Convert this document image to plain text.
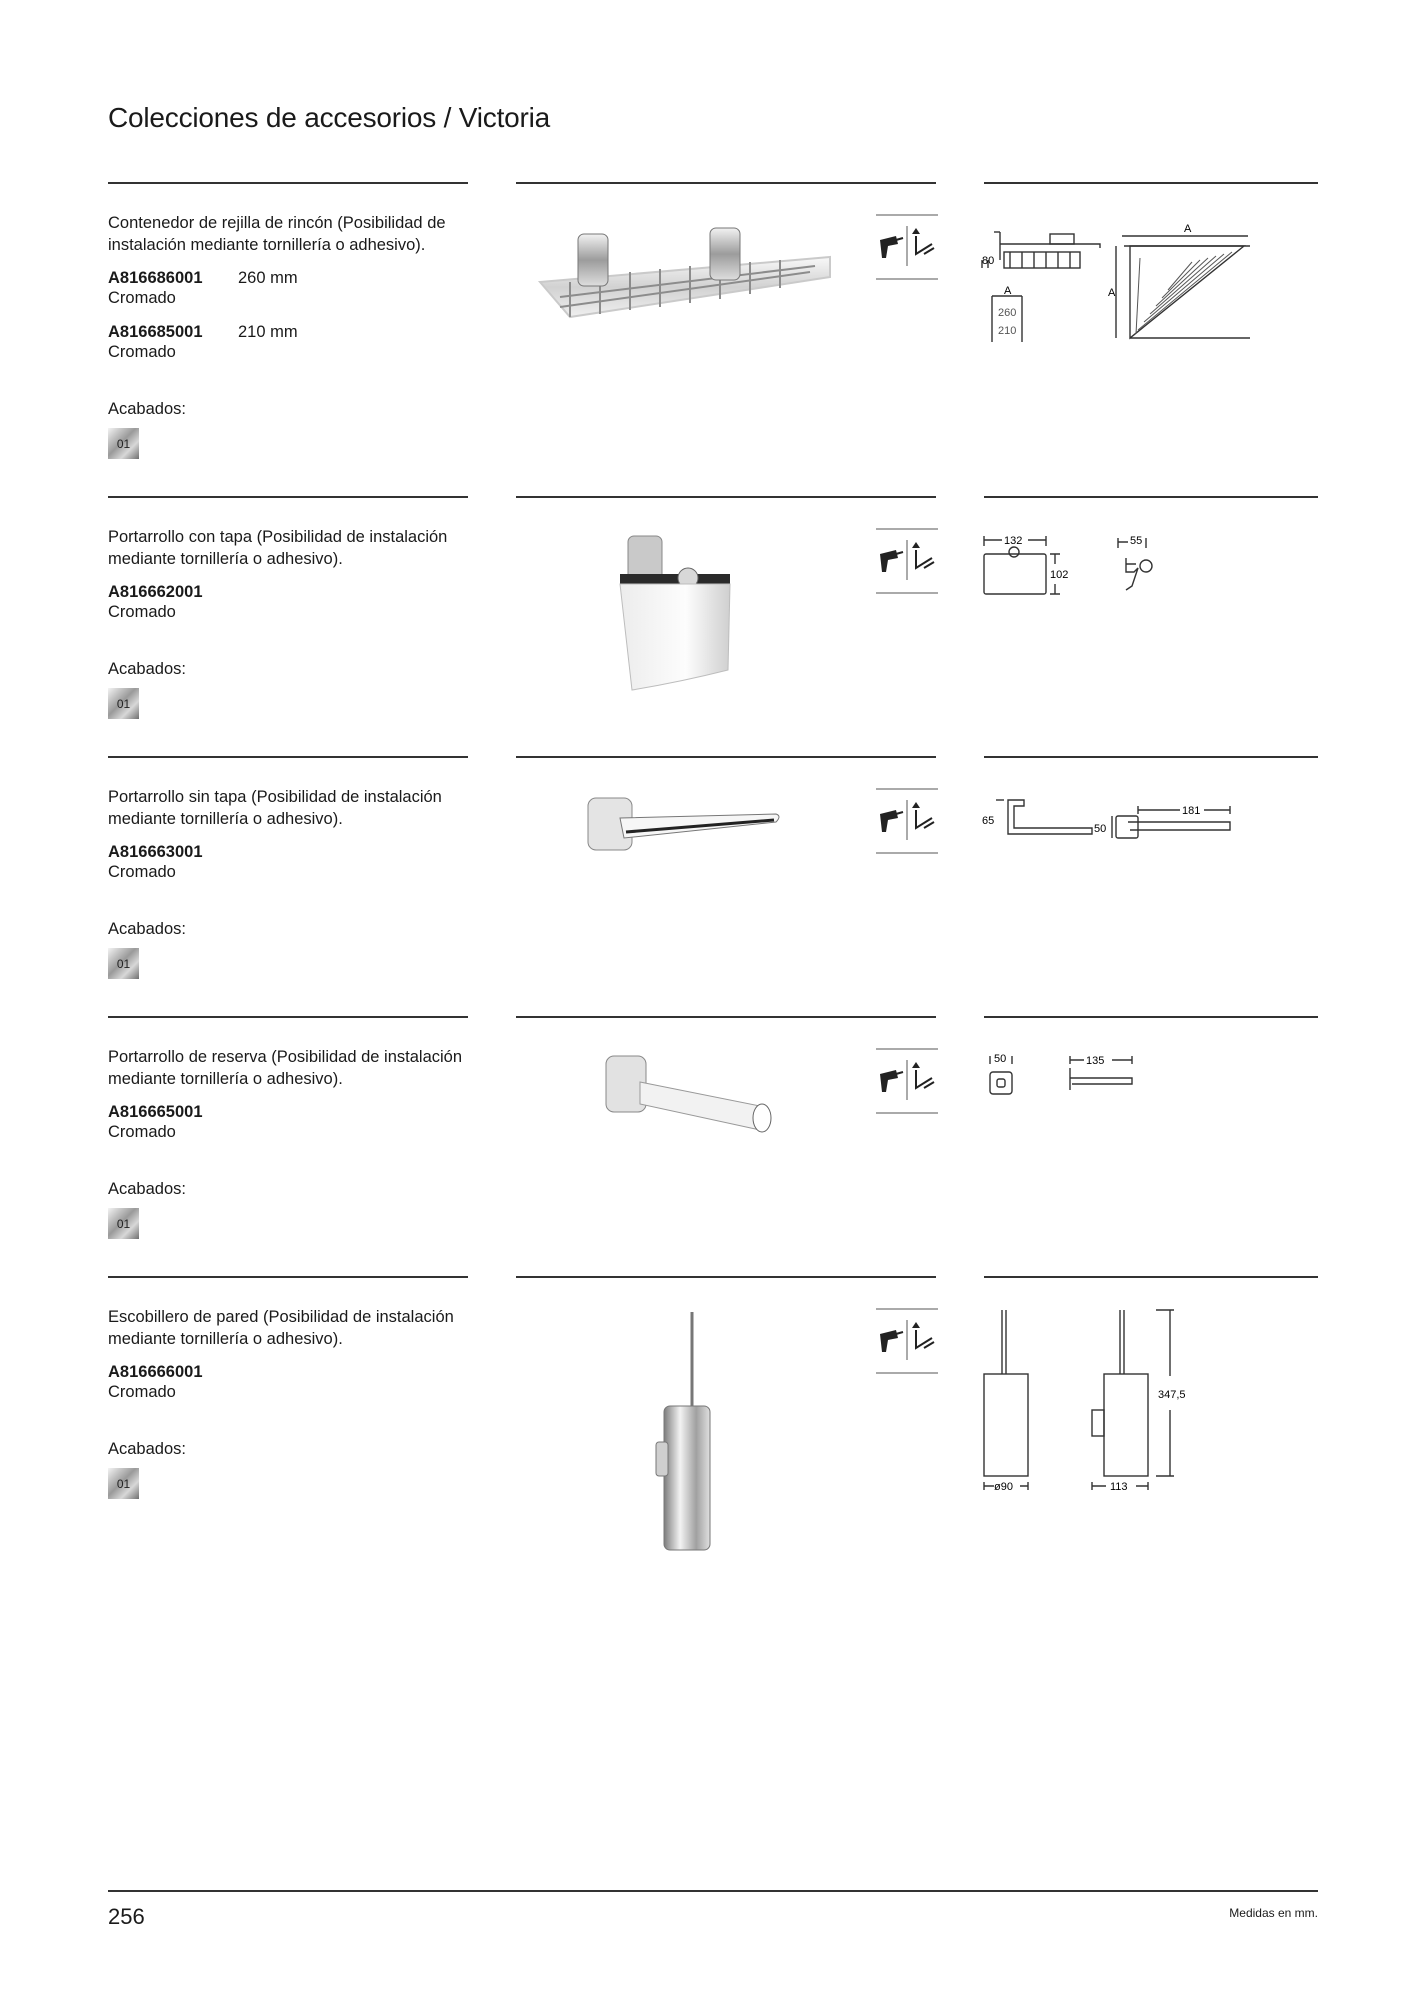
Colecciones de accesorios / Victoria
Contenedor de rejilla de rincón (Posibilidad de instalación mediante tornillería o adhesivo).
A816686001 260 mm
Cromado
A816685001 210 mm
Cromado
Acabados:
01
80
A
260
210
A
A
Portarrollo con tapa (Posibilidad de instalación mediante tornillería o adhesivo).
A816662001
Cromado
Acabados:
01
132
102
55
Portarrollo sin tapa (Posibilidad de instalación mediante tornillería o adhesivo).
A816663001
Cromado
Acabados:
01
65
181
50
Portarrollo de reserva (Posibilidad de instalación mediante tornillería o adhesivo).
A816665001
Cromado
Acabados:
01
50	135
Escobillero de pared (Posibilidad de instalación mediante tornillería o adhesivo).
A816666001
Cromado
Acabados:
01	ø90	113
347,5
256	Medidas en mm.
